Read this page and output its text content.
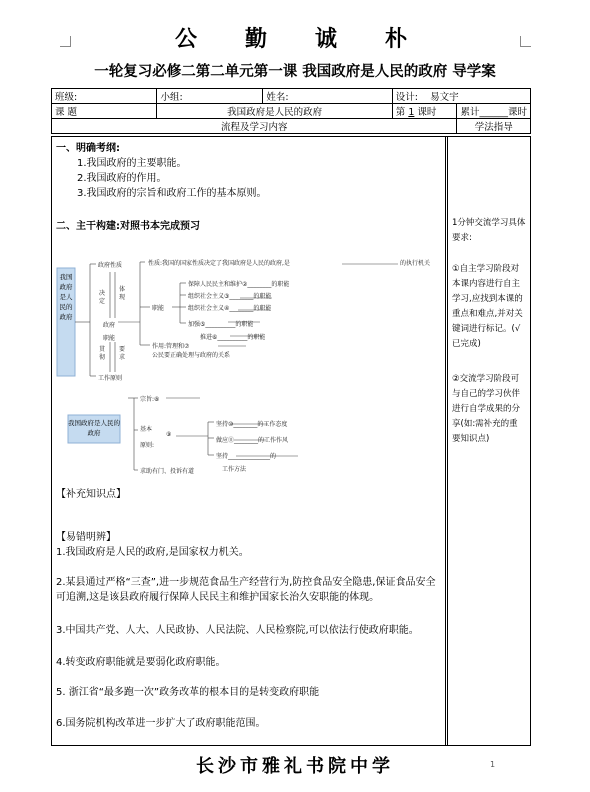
公勤诚朴
一轮复习必修二第二单元第一课 我国政府是人民的政府 导学案
班级:	小组:	姓名:	设计: 易文宇	
课 题	我国政府是人民的政府		第 1 课时	累计______课时
流程及学习内容				学法指导
一、明确考纲:
1.我国政府的主要职能。
2.我国政府的作用。
3.我国政府的宗旨和政府工作的基本原则。
二、主干构建:对照书本完成预习
我国政府是人民的政府
政府性质
决定
体现
政府
职能
贯彻
要求
工作原则
性质:我国的国家性质决定了我国政府是人民的政府,是	的执行机关
职能
保障人民民主和维护②________的职能
组织社会主义③________的职能
组织社会主义④________的职能
加强⑤__________的职能
推进⑥__________的职能
作用:管理和⑦
公民要正确处理与政府的关系
我国政府是人民的政府
宗旨:⑧
基本
原则:
⑨
坚持⑩________的工作态度
做应⑪________的工作作风
坚持______________的
工作方法
求助有门、投诉有道
【补充知识点】
【易错明辨】
1.我国政府是人民的政府,是国家权力机关。
2.某县通过严格“三查”,进一步规范食品生产经营行为,防控食品安全隐患,保证食品安全可追溯,这是该县政府履行保障人民民主和维护国家长治久安职能的体现。
3.中国共产党、人大、人民政协、人民法院、人民检察院,可以依法行使政府职能。
4.转变政府职能就是要弱化政府职能。
5. 浙江省“最多跑一次”政务改革的根本目的是转变政府职能
6.国务院机构改革进一步扩大了政府职能范围。
1分钟交流学习具体要求:
①自主学习阶段对本课内容进行自主学习,应找到本课的重点和难点,并对关键词进行标记。(√已完成)
②交流学习阶段可与自己的学习伙伴进行自学成果的分享(如:需补充的重要知识点)
长沙市雅礼书院中学	1
